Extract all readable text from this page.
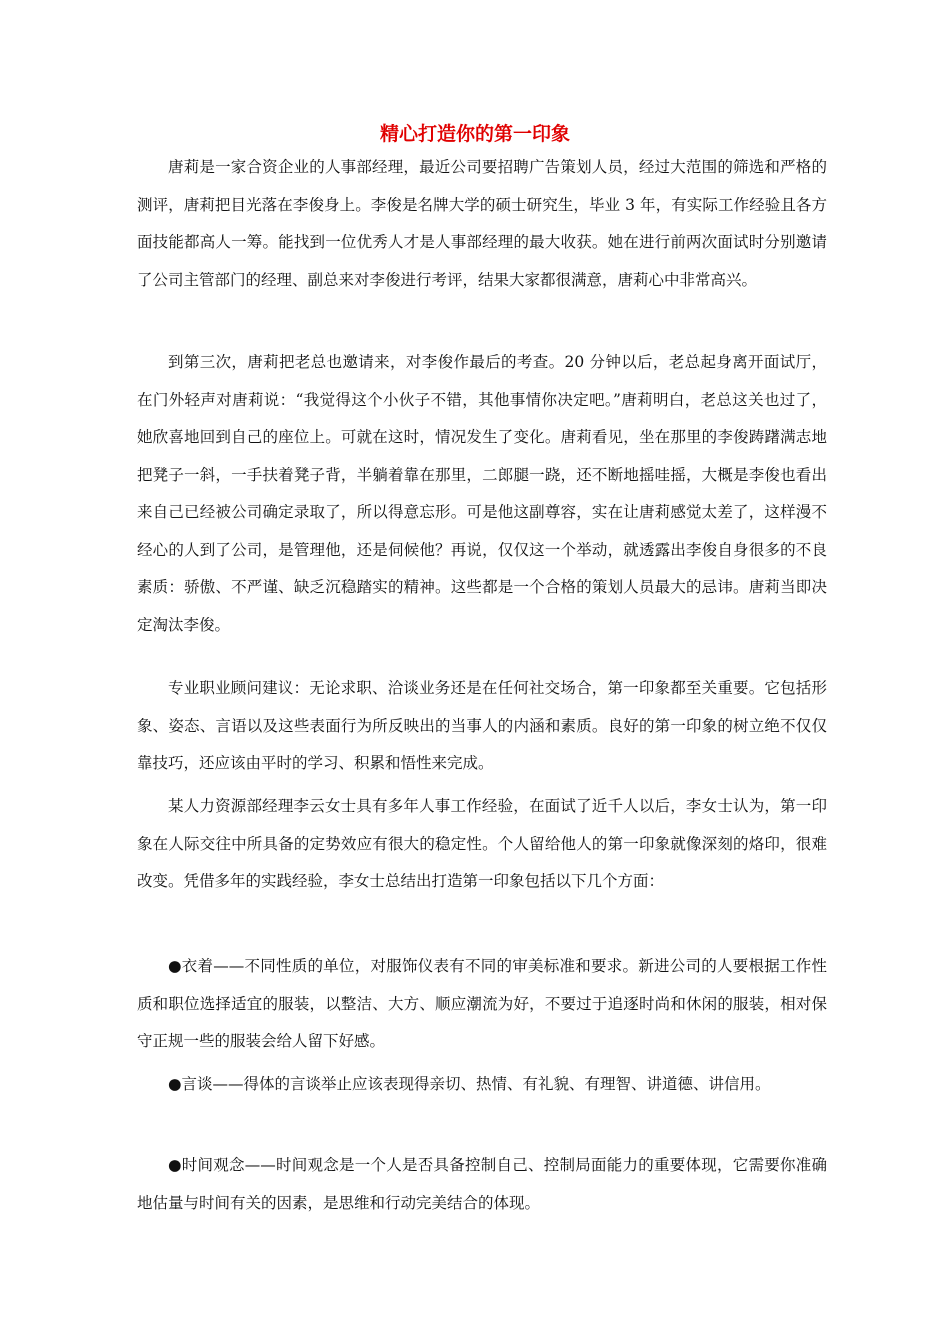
精心打造你的第一印象

唐莉是一家合资企业的人事部经理，最近公司要招聘广告策划人员，经过大范围的筛选和严格的测评，唐莉把目光落在李俊身上。李俊是名牌大学的硕士研究生，毕业 3 年，有实际工作经验且各方面技能都高人一筹。能找到一位优秀人才是人事部经理的最大收获。她在进行前两次面试时分别邀请了公司主管部门的经理、副总来对李俊进行考评，结果大家都很满意，唐莉心中非常高兴。

到第三次，唐莉把老总也邀请来，对李俊作最后的考查。20 分钟以后，老总起身离开面试厅，在门外轻声对唐莉说：“我觉得这个小伙子不错，其他事情你决定吧。”唐莉明白，老总这关也过了，她欣喜地回到自己的座位上。可就在这时，情况发生了变化。唐莉看见，坐在那里的李俊踌躇满志地把凳子一斜，一手扶着凳子背，半躺着靠在那里，二郎腿一跷，还不断地摇哇摇，大概是李俊也看出来自己已经被公司确定录取了，所以得意忘形。可是他这副尊容，实在让唐莉感觉太差了，这样漫不经心的人到了公司，是管理他，还是伺候他？再说，仅仅这一个举动，就透露出李俊自身很多的不良素质：骄傲、不严谨、缺乏沉稳踏实的精神。这些都是一个合格的策划人员最大的忌讳。唐莉当即决定淘汰李俊。

专业职业顾问建议：无论求职、洽谈业务还是在任何社交场合，第一印象都至关重要。它包括形象、姿态、言语以及这些表面行为所反映出的当事人的内涵和素质。良好的第一印象的树立绝不仅仅靠技巧，还应该由平时的学习、积累和悟性来完成。

某人力资源部经理李云女士具有多年人事工作经验，在面试了近千人以后，李女士认为，第一印象在人际交往中所具备的定势效应有很大的稳定性。个人留给他人的第一印象就像深刻的烙印，很难改变。凭借多年的实践经验，李女士总结出打造第一印象包括以下几个方面：

●衣着——不同性质的单位，对服饰仪表有不同的审美标准和要求。新进公司的人要根据工作性质和职位选择适宜的服装，以整洁、大方、顺应潮流为好，不要过于追逐时尚和休闲的服装，相对保守正规一些的服装会给人留下好感。

●言谈——得体的言谈举止应该表现得亲切、热情、有礼貌、有理智、讲道德、讲信用。

●时间观念——时间观念是一个人是否具备控制自己、控制局面能力的重要体现，它需要你准确地估量与时间有关的因素，是思维和行动完美结合的体现。
